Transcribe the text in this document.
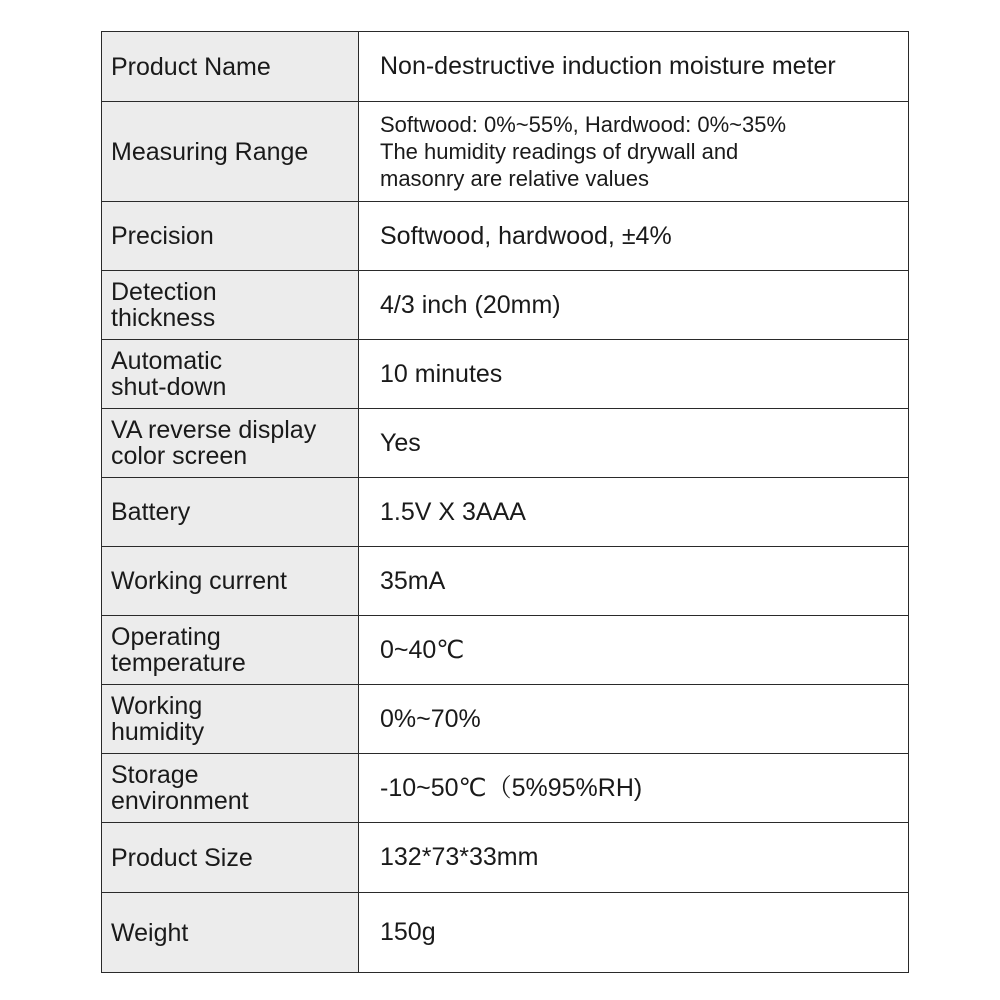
Product Name	Non-destructive induction moisture meter

Measuring Range	Softwood: 0%~55%, Hardwood: 0%~35%
The humidity readings of drywall and
masonry are relative values

Precision	Softwood, hardwood, ±4%

Detection
thickness	4/3 inch (20mm)

Automatic
shut-down	10 minutes

VA reverse display
color screen	Yes

Battery	1.5V X 3AAA

Working current	35mA

Operating
temperature	0~40℃

Working
humidity	0%~70%

Storage
environment	-10~50℃（5%95%RH)

Product Size	132*73*33mm

Weight	150g
